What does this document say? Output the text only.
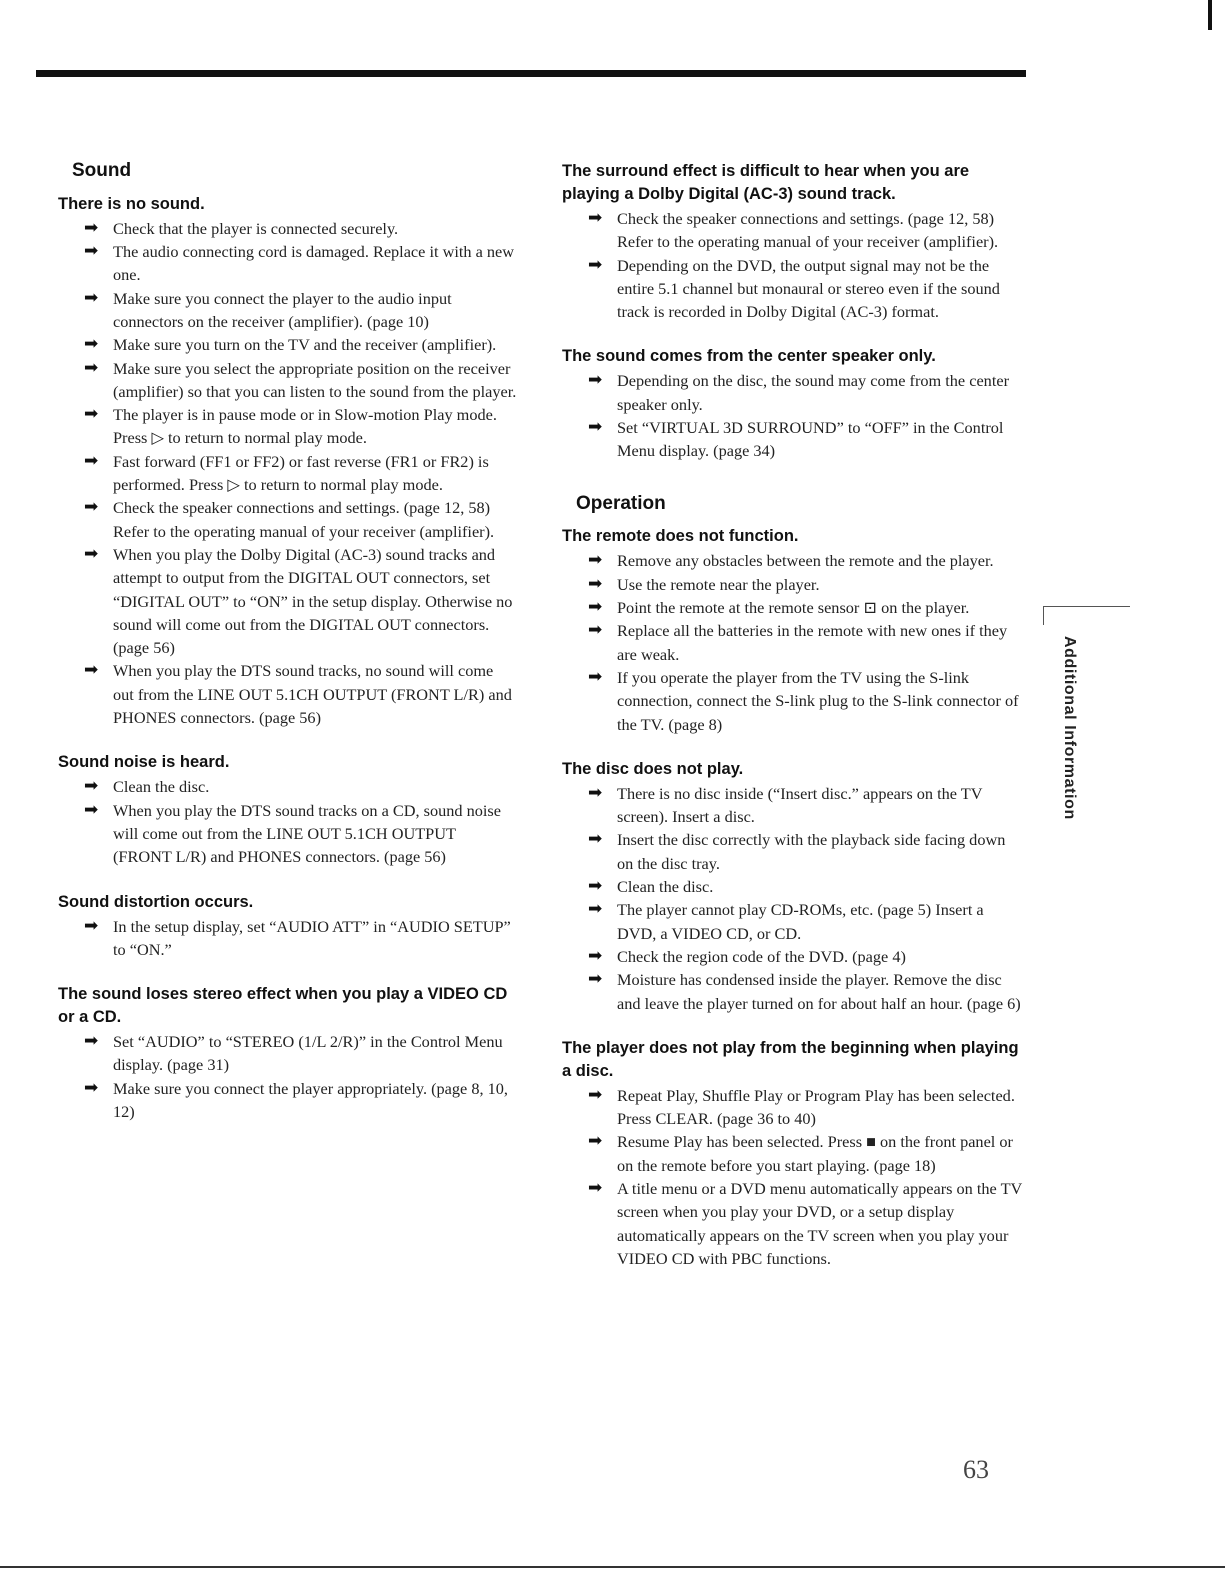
Sound
There is no sound.
➡ Check that the player is connected securely.
➡ The audio connecting cord is damaged. Replace it with a new one.
➡ Make sure you connect the player to the audio input connectors on the receiver (amplifier). (page 10)
➡ Make sure you turn on the TV and the receiver (amplifier).
➡ Make sure you select the appropriate position on the receiver (amplifier) so that you can listen to the sound from the player.
➡ The player is in pause mode or in Slow-motion Play mode. Press ▷ to return to normal play mode.
➡ Fast forward (FF1 or FF2) or fast reverse (FR1 or FR2) is performed. Press ▷ to return to normal play mode.
➡ Check the speaker connections and settings. (page 12, 58) Refer to the operating manual of your receiver (amplifier).
➡ When you play the Dolby Digital (AC-3) sound tracks and attempt to output from the DIGITAL OUT connectors, set “DIGITAL OUT” to “ON” in the setup display. Otherwise no sound will come out from the DIGITAL OUT connectors. (page 56)
➡ When you play the DTS sound tracks, no sound will come out from the LINE OUT 5.1CH OUTPUT (FRONT L/R) and PHONES connectors. (page 56)
Sound noise is heard.
➡ Clean the disc.
➡ When you play the DTS sound tracks on a CD, sound noise will come out from the LINE OUT 5.1CH OUTPUT (FRONT L/R) and PHONES connectors. (page 56)
Sound distortion occurs.
➡ In the setup display, set “AUDIO ATT” in “AUDIO SETUP” to “ON.”
The sound loses stereo effect when you play a VIDEO CD or a CD.
➡ Set “AUDIO” to “STEREO (1/L 2/R)” in the Control Menu display. (page 31)
➡ Make sure you connect the player appropriately. (page 8, 10, 12)
The surround effect is difficult to hear when you are playing a Dolby Digital (AC-3) sound track.
➡ Check the speaker connections and settings. (page 12, 58) Refer to the operating manual of your receiver (amplifier).
➡ Depending on the DVD, the output signal may not be the entire 5.1 channel but monaural or stereo even if the sound track is recorded in Dolby Digital (AC-3) format.
The sound comes from the center speaker only.
➡ Depending on the disc, the sound may come from the center speaker only.
➡ Set “VIRTUAL 3D SURROUND” to “OFF” in the Control Menu display. (page 34)
Operation
The remote does not function.
➡ Remove any obstacles between the remote and the player.
➡ Use the remote near the player.
➡ Point the remote at the remote sensor ⊡ on the player.
➡ Replace all the batteries in the remote with new ones if they are weak.
➡ If you operate the player from the TV using the S-link connection, connect the S-link plug to the S-link connector of the TV. (page 8)
The disc does not play.
➡ There is no disc inside (“Insert disc.” appears on the TV screen). Insert a disc.
➡ Insert the disc correctly with the playback side facing down on the disc tray.
➡ Clean the disc.
➡ The player cannot play CD-ROMs, etc. (page 5) Insert a DVD, a VIDEO CD, or CD.
➡ Check the region code of the DVD. (page 4)
➡ Moisture has condensed inside the player. Remove the disc and leave the player turned on for about half an hour. (page 6)
The player does not play from the beginning when playing a disc.
➡ Repeat Play, Shuffle Play or Program Play has been selected. Press CLEAR. (page 36 to 40)
➡ Resume Play has been selected. Press ■ on the front panel or on the remote before you start playing. (page 18)
➡ A title menu or a DVD menu automatically appears on the TV screen when you play your DVD, or a setup display automatically appears on the TV screen when you play your VIDEO CD with PBC functions.
Additional Information
63
